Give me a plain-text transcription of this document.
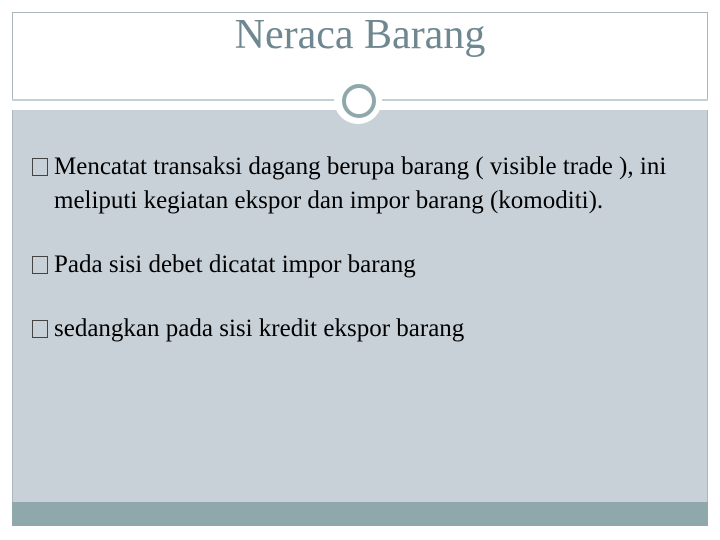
Neraca Barang
Mencatat transaksi dagang berupa barang ( visible trade ), ini meliputi kegiatan ekspor dan impor barang (komoditi).
Pada sisi debet dicatat impor barang
sedangkan pada sisi kredit ekspor barang
